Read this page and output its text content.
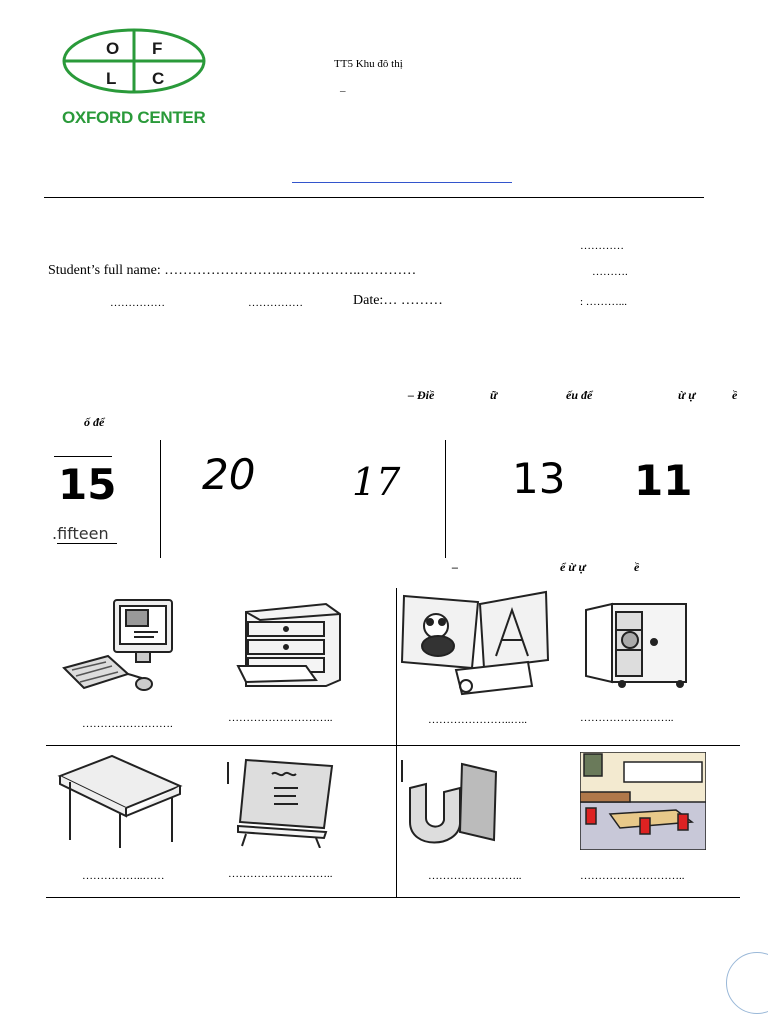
O F
L C
OXFORD CENTER
TT5 Khu đô thị
–
…………
Student’s full name: ……………………..……………..…………	……….
……………	……………	Date:… ………	: ………...
– Điề	ữ	ếu để	ừ ự	ề
ố để
15
.fifteen
20	17	13 11
–	ể ừ ự	ề
…………………….	………………………..	…………………..…..	……………………..
……………..……	………………………..	……………………..	………………………..
